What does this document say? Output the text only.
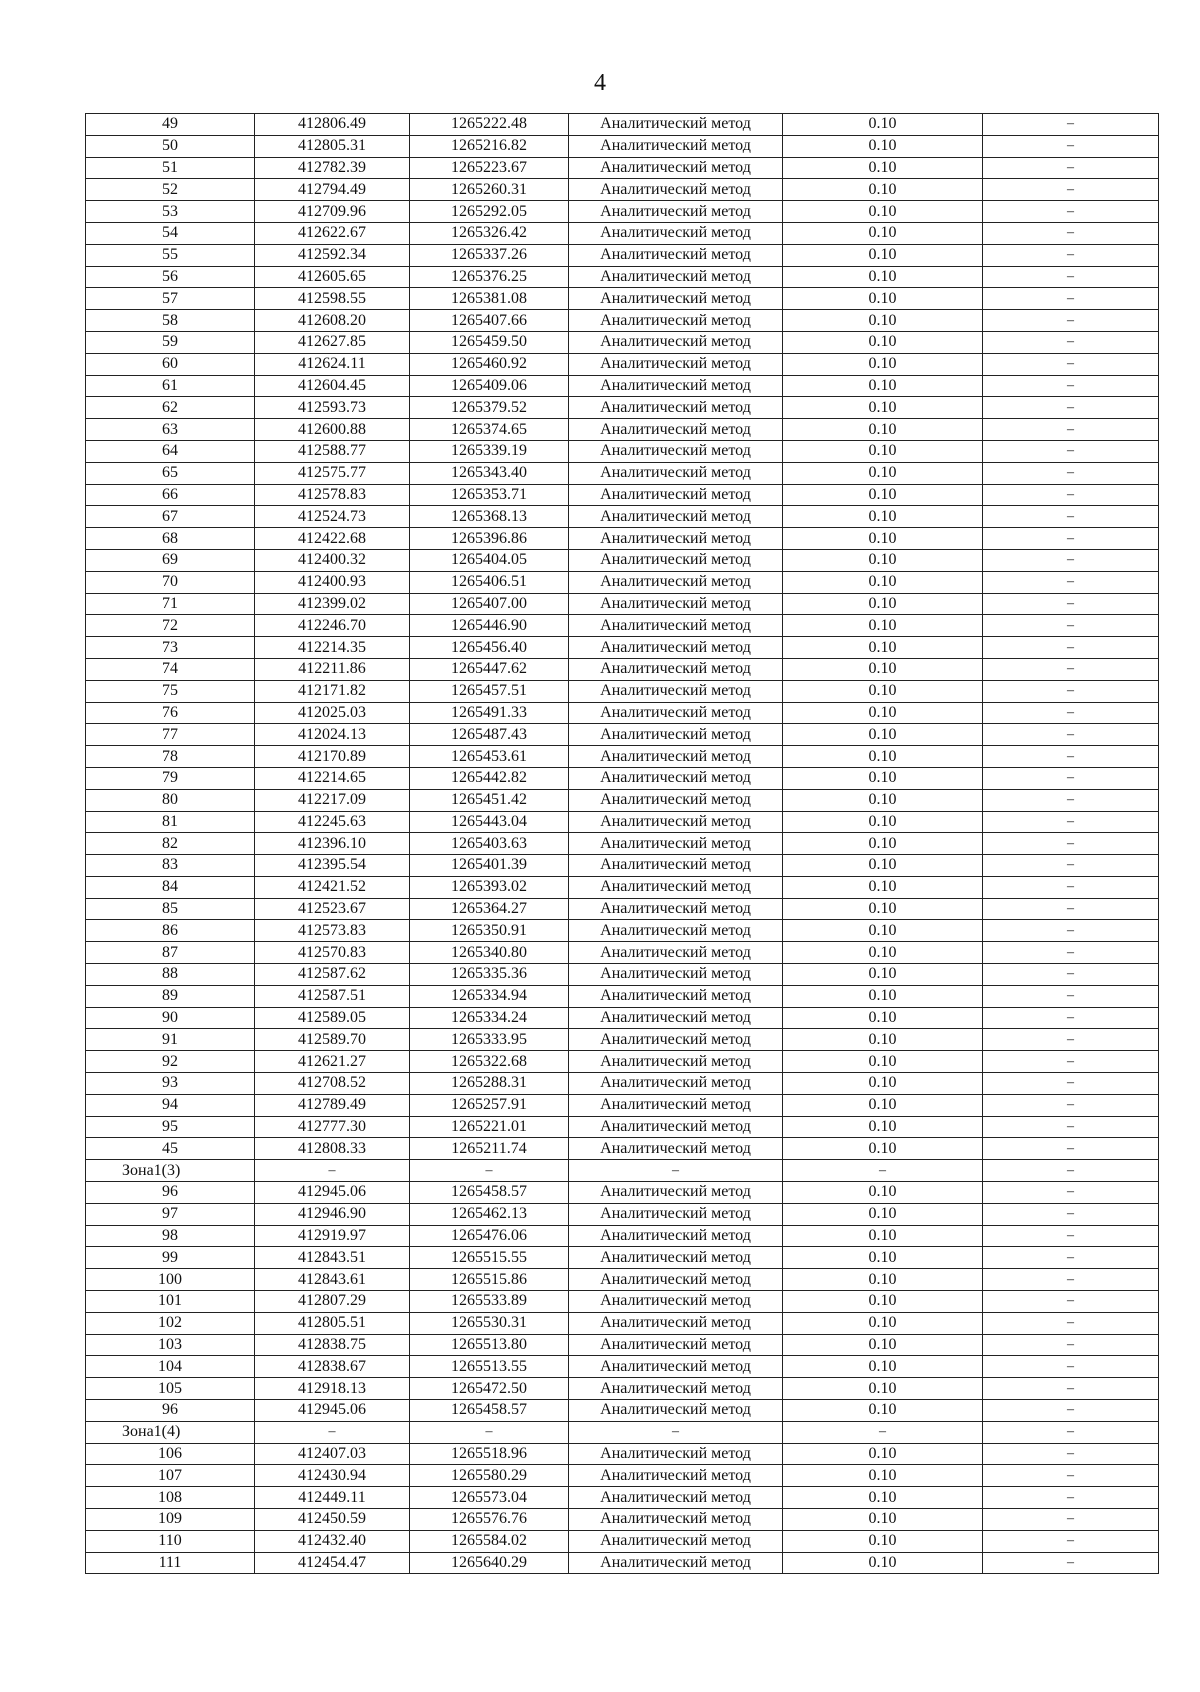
4
49	412806.49	1265222.48	Аналитический метод	0.10	–
50	412805.31	1265216.82	Аналитический метод	0.10	–
51	412782.39	1265223.67	Аналитический метод	0.10	–
52	412794.49	1265260.31	Аналитический метод	0.10	–
53	412709.96	1265292.05	Аналитический метод	0.10	–
54	412622.67	1265326.42	Аналитический метод	0.10	–
55	412592.34	1265337.26	Аналитический метод	0.10	–
56	412605.65	1265376.25	Аналитический метод	0.10	–
57	412598.55	1265381.08	Аналитический метод	0.10	–
58	412608.20	1265407.66	Аналитический метод	0.10	–
59	412627.85	1265459.50	Аналитический метод	0.10	–
60	412624.11	1265460.92	Аналитический метод	0.10	–
61	412604.45	1265409.06	Аналитический метод	0.10	–
62	412593.73	1265379.52	Аналитический метод	0.10	–
63	412600.88	1265374.65	Аналитический метод	0.10	–
64	412588.77	1265339.19	Аналитический метод	0.10	–
65	412575.77	1265343.40	Аналитический метод	0.10	–
66	412578.83	1265353.71	Аналитический метод	0.10	–
67	412524.73	1265368.13	Аналитический метод	0.10	–
68	412422.68	1265396.86	Аналитический метод	0.10	–
69	412400.32	1265404.05	Аналитический метод	0.10	–
70	412400.93	1265406.51	Аналитический метод	0.10	–
71	412399.02	1265407.00	Аналитический метод	0.10	–
72	412246.70	1265446.90	Аналитический метод	0.10	–
73	412214.35	1265456.40	Аналитический метод	0.10	–
74	412211.86	1265447.62	Аналитический метод	0.10	–
75	412171.82	1265457.51	Аналитический метод	0.10	–
76	412025.03	1265491.33	Аналитический метод	0.10	–
77	412024.13	1265487.43	Аналитический метод	0.10	–
78	412170.89	1265453.61	Аналитический метод	0.10	–
79	412214.65	1265442.82	Аналитический метод	0.10	–
80	412217.09	1265451.42	Аналитический метод	0.10	–
81	412245.63	1265443.04	Аналитический метод	0.10	–
82	412396.10	1265403.63	Аналитический метод	0.10	–
83	412395.54	1265401.39	Аналитический метод	0.10	–
84	412421.52	1265393.02	Аналитический метод	0.10	–
85	412523.67	1265364.27	Аналитический метод	0.10	–
86	412573.83	1265350.91	Аналитический метод	0.10	–
87	412570.83	1265340.80	Аналитический метод	0.10	–
88	412587.62	1265335.36	Аналитический метод	0.10	–
89	412587.51	1265334.94	Аналитический метод	0.10	–
90	412589.05	1265334.24	Аналитический метод	0.10	–
91	412589.70	1265333.95	Аналитический метод	0.10	–
92	412621.27	1265322.68	Аналитический метод	0.10	–
93	412708.52	1265288.31	Аналитический метод	0.10	–
94	412789.49	1265257.91	Аналитический метод	0.10	–
95	412777.30	1265221.01	Аналитический метод	0.10	–
45	412808.33	1265211.74	Аналитический метод	0.10	–
Зона1(3)	–	–	–	–	–
96	412945.06	1265458.57	Аналитический метод	0.10	–
97	412946.90	1265462.13	Аналитический метод	0.10	–
98	412919.97	1265476.06	Аналитический метод	0.10	–
99	412843.51	1265515.55	Аналитический метод	0.10	–
100	412843.61	1265515.86	Аналитический метод	0.10	–
101	412807.29	1265533.89	Аналитический метод	0.10	–
102	412805.51	1265530.31	Аналитический метод	0.10	–
103	412838.75	1265513.80	Аналитический метод	0.10	–
104	412838.67	1265513.55	Аналитический метод	0.10	–
105	412918.13	1265472.50	Аналитический метод	0.10	–
96	412945.06	1265458.57	Аналитический метод	0.10	–
Зона1(4)	–	–	–	–	–
106	412407.03	1265518.96	Аналитический метод	0.10	–
107	412430.94	1265580.29	Аналитический метод	0.10	–
108	412449.11	1265573.04	Аналитический метод	0.10	–
109	412450.59	1265576.76	Аналитический метод	0.10	–
110	412432.40	1265584.02	Аналитический метод	0.10	–
111	412454.47	1265640.29	Аналитический метод	0.10	–
